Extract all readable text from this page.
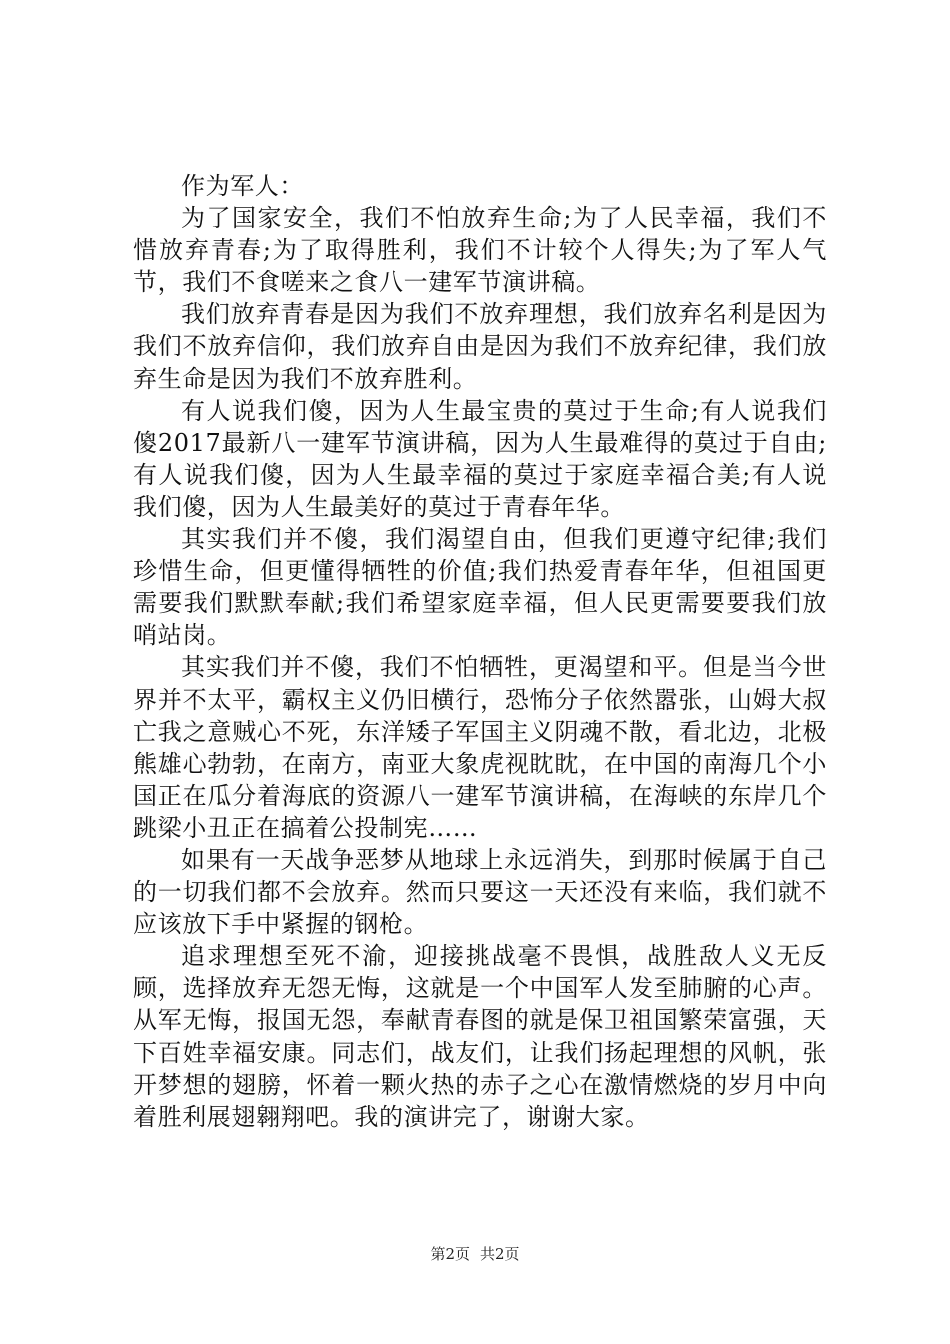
作为军人：

为了国家安全，我们不怕放弃生命;为了人民幸福，我们不惜放弃青春;为了取得胜利，我们不计较个人得失;为了军人气节，我们不食嗟来之食八一建军节演讲稿。

我们放弃青春是因为我们不放弃理想，我们放弃名利是因为我们不放弃信仰，我们放弃自由是因为我们不放弃纪律，我们放弃生命是因为我们不放弃胜利。

有人说我们傻，因为人生最宝贵的莫过于生命;有人说我们傻2017最新八一建军节演讲稿，因为人生最难得的莫过于自由;有人说我们傻，因为人生最幸福的莫过于家庭幸福合美;有人说我们傻，因为人生最美好的莫过于青春年华。

其实我们并不傻，我们渴望自由，但我们更遵守纪律;我们珍惜生命，但更懂得牺牲的价值;我们热爱青春年华，但祖国更需要我们默默奉献;我们希望家庭幸福，但人民更需要要我们放哨站岗。

其实我们并不傻，我们不怕牺牲，更渴望和平。但是当今世界并不太平，霸权主义仍旧横行，恐怖分子依然嚣张，山姆大叔亡我之意贼心不死，东洋矮子军国主义阴魂不散，看北边，北极熊雄心勃勃，在南方，南亚大象虎视眈眈，在中国的南海几个小国正在瓜分着海底的资源八一建军节演讲稿，在海峡的东岸几个跳梁小丑正在搞着公投制宪……

如果有一天战争恶梦从地球上永远消失，到那时候属于自己的一切我们都不会放弃。然而只要这一天还没有来临，我们就不应该放下手中紧握的钢枪。

追求理想至死不渝，迎接挑战毫不畏惧，战胜敌人义无反顾，选择放弃无怨无悔，这就是一个中国军人发至肺腑的心声。从军无悔，报国无怨，奉献青春图的就是保卫祖国繁荣富强，天下百姓幸福安康。同志们，战友们，让我们扬起理想的风帆，张开梦想的翅膀，怀着一颗火热的赤子之心在激情燃烧的岁月中向着胜利展翅翱翔吧。我的演讲完了，谢谢大家。

第2页 共2页
